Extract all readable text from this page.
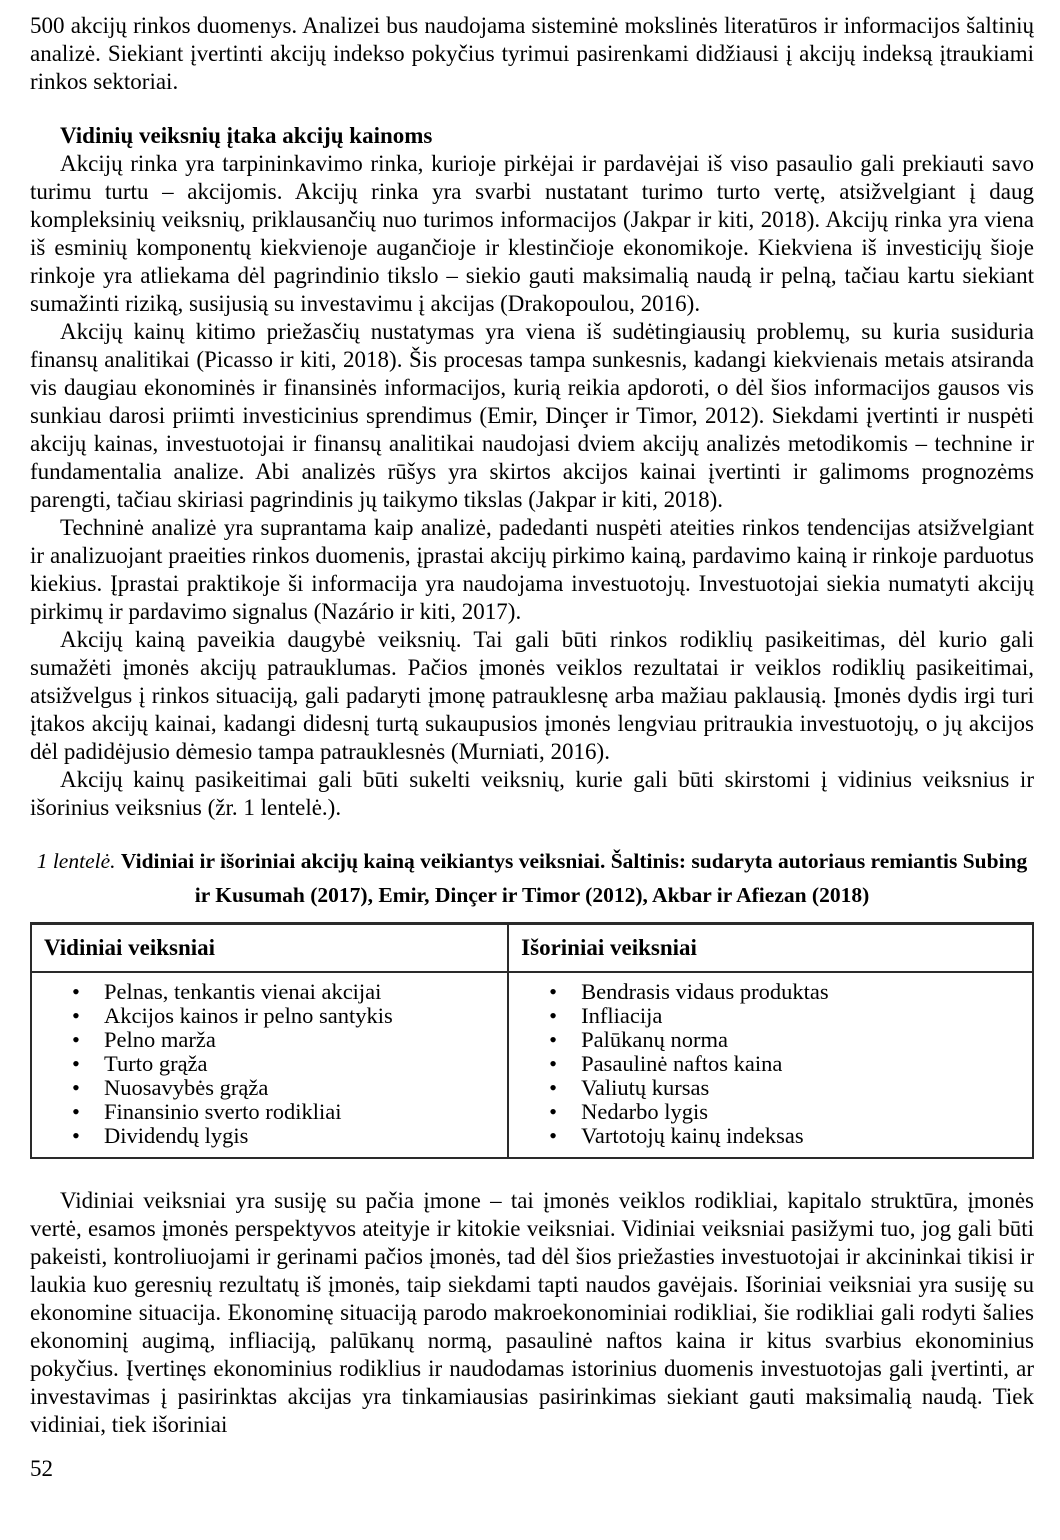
500 akcijų rinkos duomenys. Analizei bus naudojama sisteminė mokslinės literatūros ir informacijos šaltinių analizė. Siekiant įvertinti akcijų indekso pokyčius tyrimui pasirenkami didžiausi į akcijų indeksą įtraukiami rinkos sektoriai.

Vidinių veiksnių įtaka akcijų kainoms

Akcijų rinka yra tarpininkavimo rinka, kurioje pirkėjai ir pardavėjai iš viso pasaulio gali prekiauti savo turimu turtu – akcijomis. Akcijų rinka yra svarbi nustatant turimo turto vertę, atsižvelgiant į daug kompleksinių veiksnių, priklausančių nuo turimos informacijos (Jakpar ir kiti, 2018). Akcijų rinka yra viena iš esminių komponentų kiekvienoje augančioje ir klestinčioje ekonomikoje. Kiekviena iš investicijų šioje rinkoje yra atliekama dėl pagrindinio tikslo – siekio gauti maksimalią naudą ir pelną, tačiau kartu siekiant sumažinti riziką, susijusią su investavimu į akcijas (Drakopoulou, 2016).

Akcijų kainų kitimo priežasčių nustatymas yra viena iš sudėtingiausių problemų, su kuria susiduria finansų analitikai (Picasso ir kiti, 2018). Šis procesas tampa sunkesnis, kadangi kiekvienais metais atsiranda vis daugiau ekonominės ir finansinės informacijos, kurią reikia apdoroti, o dėl šios informacijos gausos vis sunkiau darosi priimti investicinius sprendimus (Emir, Dinçer ir Timor, 2012). Siekdami įvertinti ir nuspėti akcijų kainas, investuotojai ir finansų analitikai naudojasi dviem akcijų analizės metodikomis – technine ir fundamentalia analize. Abi analizės rūšys yra skirtos akcijos kainai įvertinti ir galimoms prognozėms parengti, tačiau skiriasi pagrindinis jų taikymo tikslas (Jakpar ir kiti, 2018).

Techninė analizė yra suprantama kaip analizė, padedanti nuspėti ateities rinkos tendencijas atsižvelgiant ir analizuojant praeities rinkos duomenis, įprastai akcijų pirkimo kainą, pardavimo kainą ir rinkoje parduotus kiekius. Įprastai praktikoje ši informacija yra naudojama investuotojų. Investuotojai siekia numatyti akcijų pirkimų ir pardavimo signalus (Nazário ir kiti, 2017).

Akcijų kainą paveikia daugybė veiksnių. Tai gali būti rinkos rodiklių pasikeitimas, dėl kurio gali sumažėti įmonės akcijų patrauklumas. Pačios įmonės veiklos rezultatai ir veiklos rodiklių pasikeitimai, atsižvelgus į rinkos situaciją, gali padaryti įmonę patrauklesnę arba mažiau paklausią. Įmonės dydis irgi turi įtakos akcijų kainai, kadangi didesnį turtą sukaupusios įmonės lengviau pritraukia investuotojų, o jų akcijos dėl padidėjusio dėmesio tampa patrauklesnės (Murniati, 2016).

Akcijų kainų pasikeitimai gali būti sukelti veiksnių, kurie gali būti skirstomi į vidinius veiksnius ir išorinius veiksnius (žr. 1 lentelė.).

1 lentelė. Vidiniai ir išoriniai akcijų kainą veikiantys veiksniai. Šaltinis: sudaryta autoriaus remiantis Subing ir Kusumah (2017), Emir, Dinçer ir Timor (2012), Akbar ir Afiezan (2018)

Vidiniai veiksniai	Išoriniai veiksniai

• Pelnas, tenkantis vienai akcijai
• Akcijos kainos ir pelno santykis
• Pelno marža
• Turto grąža
• Nuosavybės grąža
• Finansinio sverto rodikliai
• Dividendų lygis

• Bendrasis vidaus produktas
• Infliacija
• Palūkanų norma
• Pasaulinė naftos kaina
• Valiutų kursas
• Nedarbo lygis
• Vartotojų kainų indeksas

Vidiniai veiksniai yra susiję su pačia įmone – tai įmonės veiklos rodikliai, kapitalo struktūra, įmonės vertė, esamos įmonės perspektyvos ateityje ir kitokie veiksniai. Vidiniai veiksniai pasižymi tuo, jog gali būti pakeisti, kontroliuojami ir gerinami pačios įmonės, tad dėl šios priežasties investuotojai ir akcininkai tikisi ir laukia kuo geresnių rezultatų iš įmonės, taip siekdami tapti naudos gavėjais. Išoriniai veiksniai yra susiję su ekonomine situacija. Ekonominę situaciją parodo makroekonominiai rodikliai, šie rodikliai gali rodyti šalies ekonominį augimą, infliaciją, palūkanų normą, pasaulinė naftos kaina ir kitus svarbius ekonominius pokyčius. Įvertinęs ekonominius rodiklius ir naudodamas istorinius duomenis investuotojas gali įvertinti, ar investavimas į pasirinktas akcijas yra tinkamiausias pasirinkimas siekiant gauti maksimalią naudą. Tiek vidiniai, tiek išoriniai

52
